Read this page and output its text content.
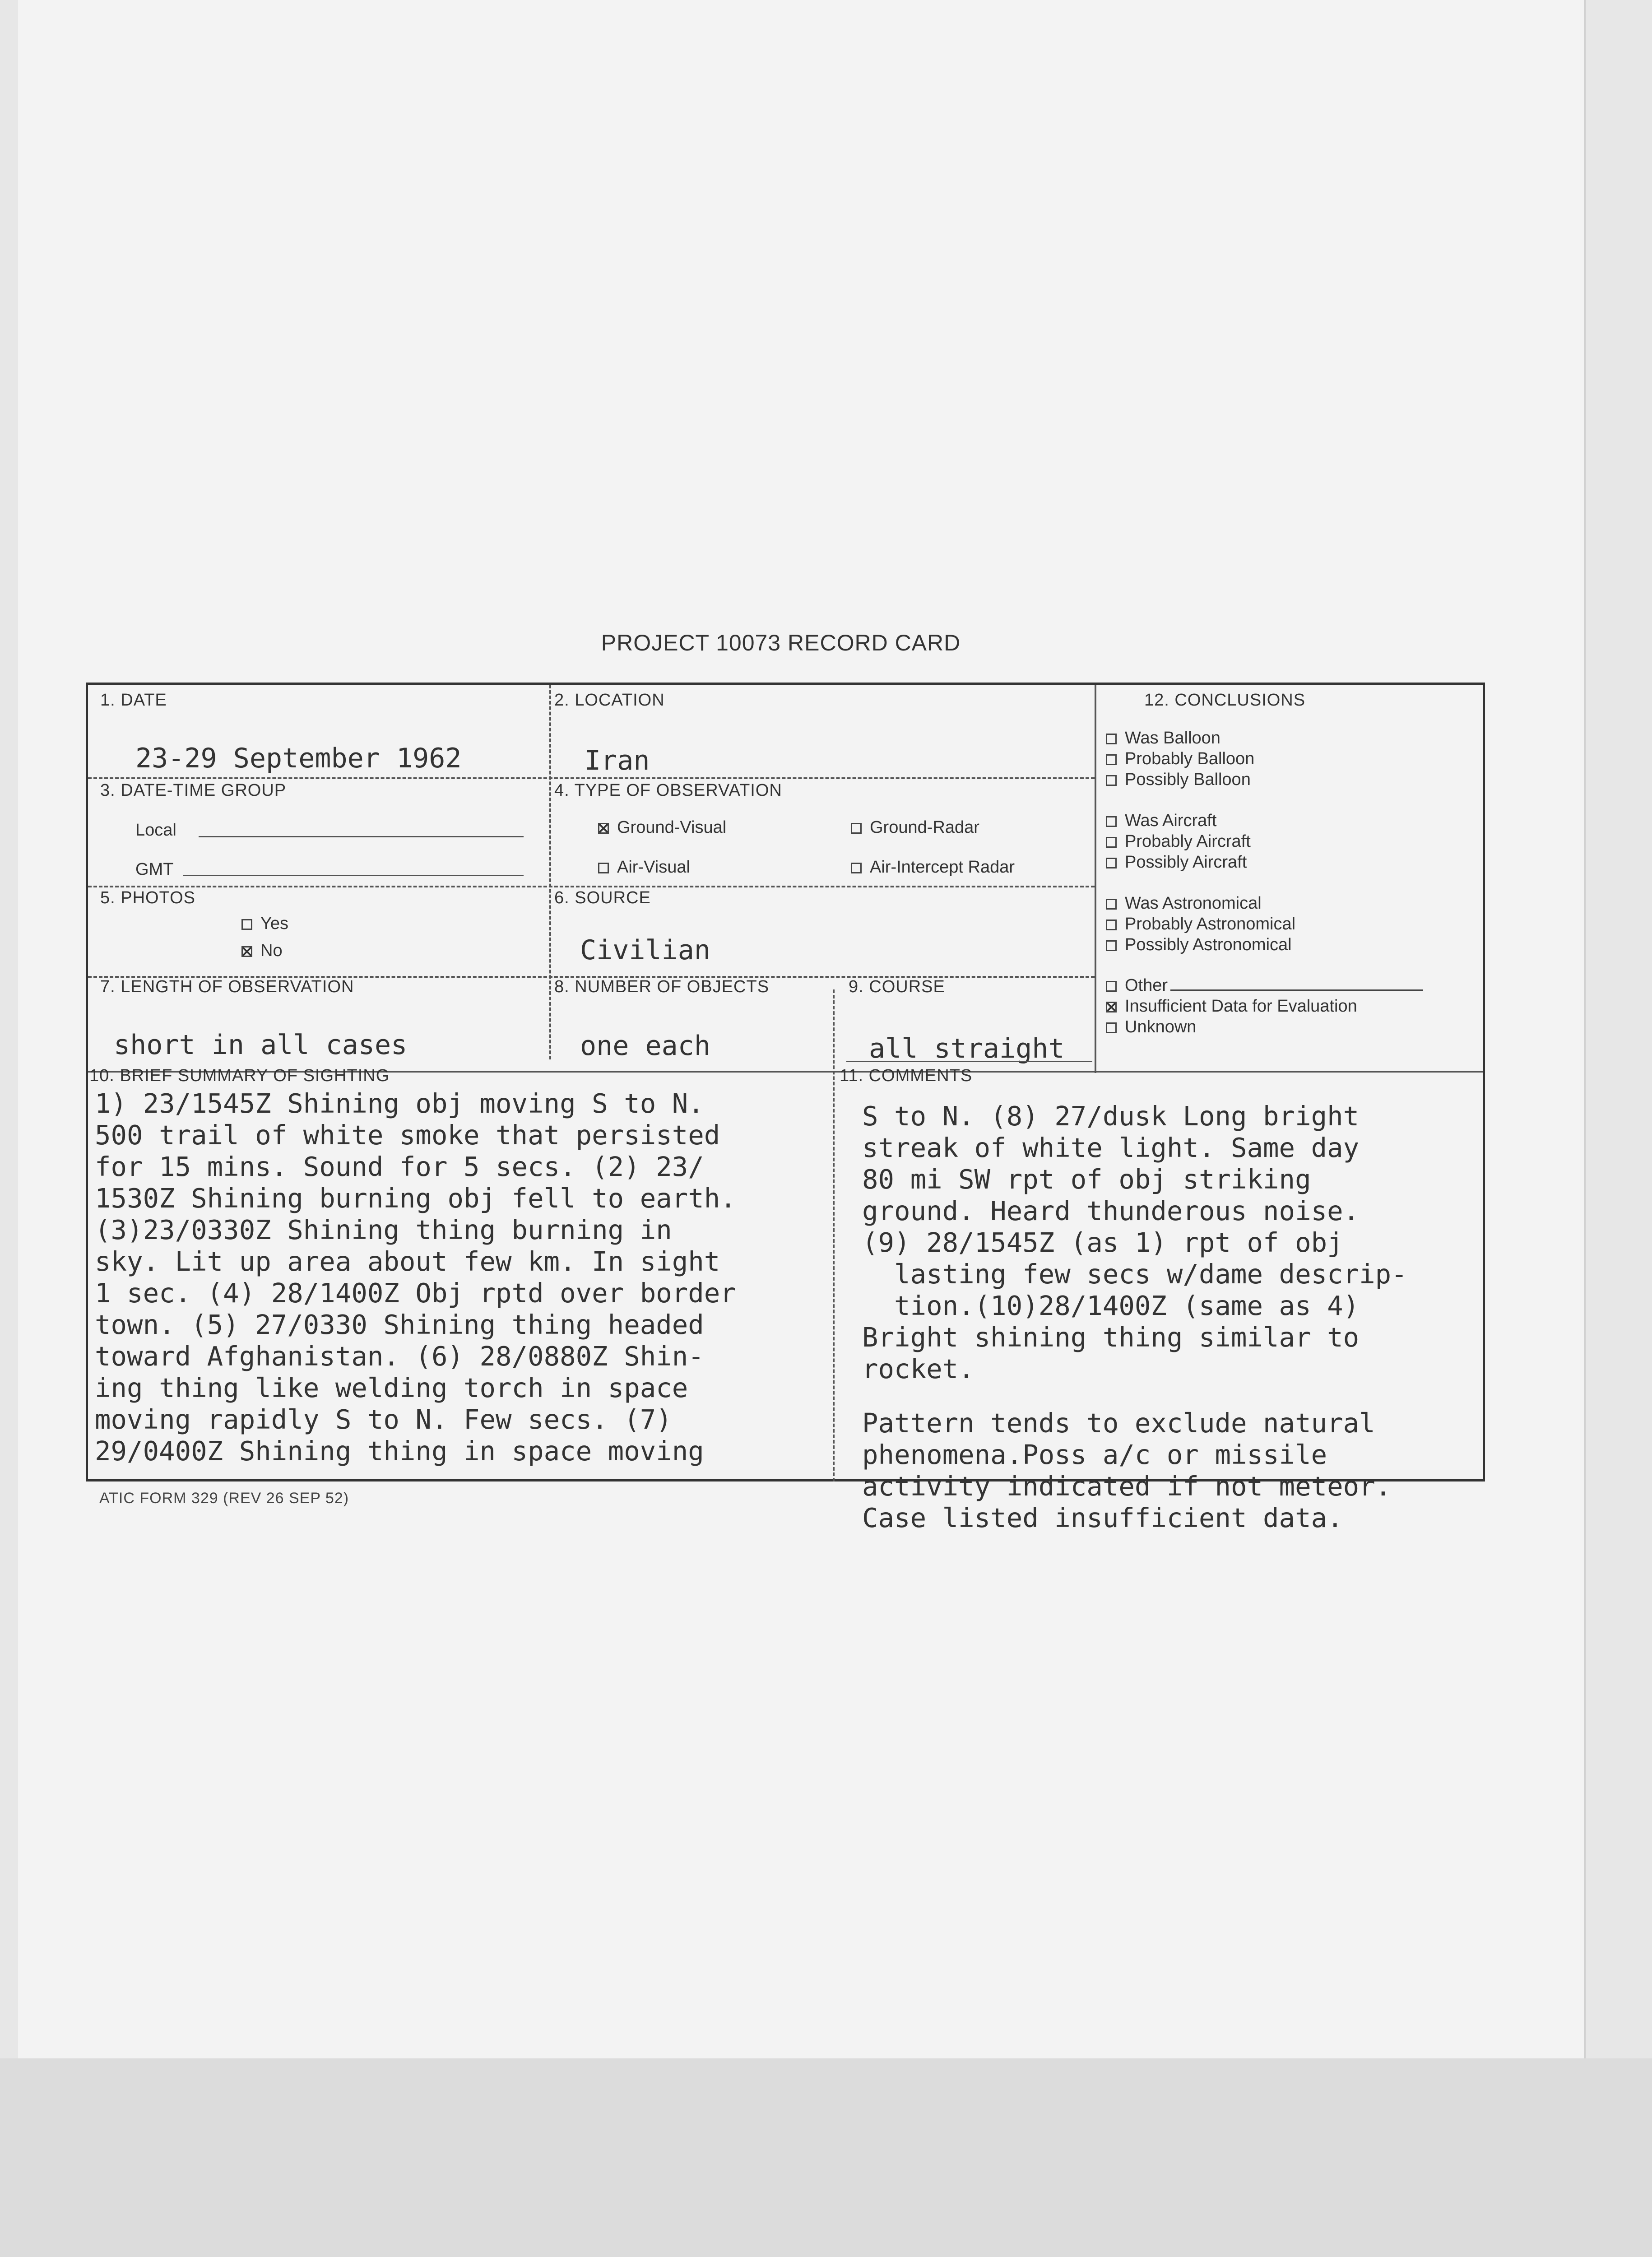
PROJECT 10073 RECORD CARD
1. DATE
23-29 September 1962
2. LOCATION
Iran
3. DATE-TIME GROUP
Local
GMT
4. TYPE OF OBSERVATION
Ground-Visual	Ground-Radar
Air-Visual	Air-Intercept Radar
5. PHOTOS
Yes
No
6. SOURCE
Civilian
7. LENGTH OF OBSERVATION
short in all cases
8. NUMBER OF OBJECTS
one each
9. COURSE
all straight
10. BRIEF SUMMARY OF SIGHTING
1) 23/1545Z Shining obj moving S to N.
500 trail of white smoke that persisted
for 15 mins. Sound for 5 secs. (2) 23/
1530Z Shining burning obj fell to earth.
(3)23/0330Z Shining thing burning in
sky. Lit up area about few km. In sight
1 sec. (4) 28/1400Z Obj rptd over border
town. (5) 27/0330 Shining thing headed
toward Afghanistan. (6) 28/0880Z Shin-
ing thing like welding torch in space
moving rapidly S to N. Few secs. (7)
29/0400Z Shining thing in space moving
11. COMMENTS
S to N. (8) 27/dusk Long bright
streak of white light. Same day
80 mi SW rpt of obj striking
ground. Heard thunderous noise.
(9) 28/1545Z (as 1) rpt of obj
lasting few secs w/dame descrip-
tion.(10)28/1400Z (same as 4)
Bright shining thing similar to
rocket.
Pattern tends to exclude natural
phenomena.Poss a/c or missile
activity indicated if not meteor.
Case listed insufficient data.
12. CONCLUSIONS
Was Balloon
Probably Balloon
Possibly Balloon
Was Aircraft
Probably Aircraft
Possibly Aircraft
Was Astronomical
Probably Astronomical
Possibly Astronomical
Other
Insufficient Data for Evaluation
Unknown
ATIC FORM 329 (REV 26 SEP 52)
